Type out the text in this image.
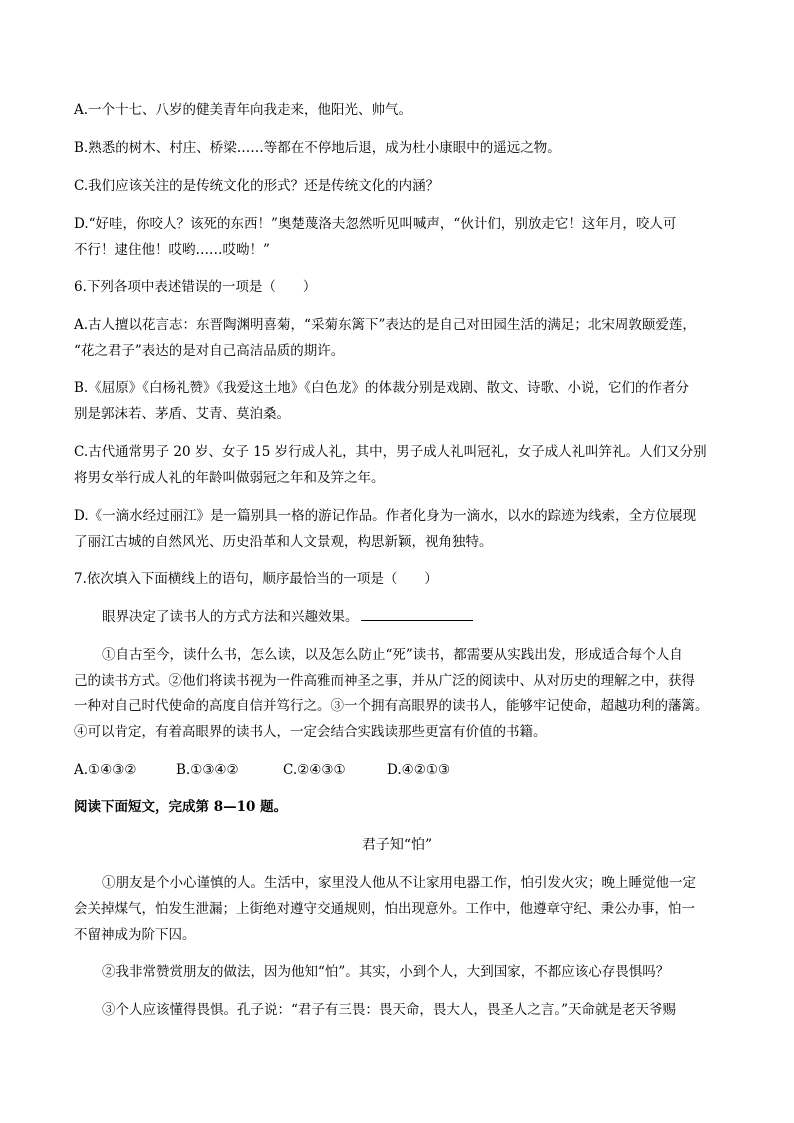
A.一个十七、八岁的健美青年向我走来，他阳光、帅气。
B.熟悉的树木、村庄、桥梁……等都在不停地后退，成为杜小康眼中的遥远之物。
C.我们应该关注的是传统文化的形式？还是传统文化的内涵？
D.“好哇，你咬人？该死的东西！”奥楚蔑洛夫忽然听见叫喊声，“伙计们，别放走它！这年月，咬人可
不行！逮住他！哎哟……哎呦！”
6.下列各项中表述错误的一项是（　　）
A.古人擅以花言志：东晋陶渊明喜菊，“采菊东篱下”表达的是自己对田园生活的满足；北宋周敦颐爱莲，
“花之君子”表达的是对自己高洁品质的期许。
B.《屈原》《白杨礼赞》《我爱这土地》《白色龙》的体裁分别是戏剧、散文、诗歌、小说，它们的作者分
别是郭沫若、茅盾、艾青、莫泊桑。
C.古代通常男子 20 岁、女子 15 岁行成人礼，其中，男子成人礼叫冠礼，女子成人礼叫笄礼。人们又分别
将男女举行成人礼的年龄叫做弱冠之年和及笄之年。
D.《一滴水经过丽江》是一篇别具一格的游记作品。作者化身为一滴水，以水的踪迹为线索，全方位展现
了丽江古城的自然风光、历史沿革和人文景观，构思新颖，视角独特。
7.依次填入下面横线上的语句，顺序最恰当的一项是（　　）
眼界决定了读书人的方式方法和兴趣效果。
①自古至今，读什么书，怎么读，以及怎么防止“死”读书，都需要从实践出发，形成适合每个人自
己的读书方式。②他们将读书视为一件高雅而神圣之事，并从广泛的阅读中、从对历史的理解之中，获得
一种对自己时代使命的高度自信并笃行之。③一个拥有高眼界的读书人，能够牢记使命，超越功利的藩篱。
④可以肯定，有着高眼界的读书人，一定会结合实践读那些更富有价值的书籍。
A.①④③②	B.①③④②	C.②④③①	D.④②①③
阅读下面短文，完成第 8—10 题。
君子知“怕”
①朋友是个小心谨慎的人。生活中，家里没人他从不让家用电器工作，怕引发火灾；晚上睡觉他一定
会关掉煤气，怕发生泄漏；上街绝对遵守交通规则，怕出现意外。工作中，他遵章守纪、秉公办事，怕一
不留神成为阶下囚。
②我非常赞赏朋友的做法，因为他知“怕”。其实，小到个人，大到国家，不都应该心存畏惧吗？
③个人应该懂得畏惧。孔子说：“君子有三畏：畏天命，畏大人，畏圣人之言。”天命就是老天爷赐
